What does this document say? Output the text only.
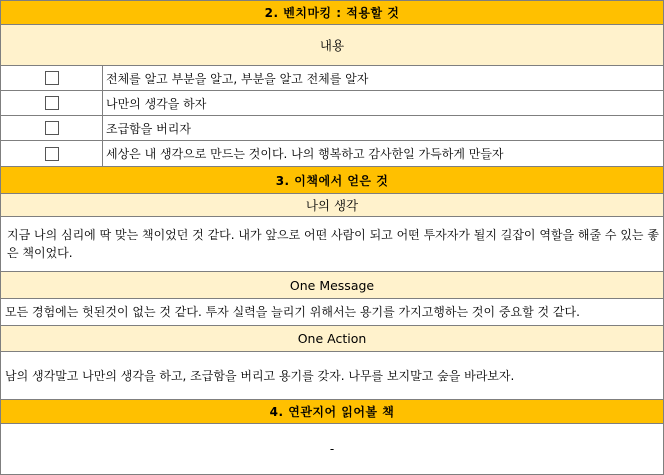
2. 벤치마킹 : 적용할 것
내용
전체를 알고 부분을 알고, 부분을 알고 전체를 알자
나만의 생각을 하자
조급함을 버리자
세상은 내 생각으로 만드는 것이다. 나의 행복하고 감사한일 가득하게 만들자
3. 이책에서 얻은 것
나의 생각
지금 나의 심리에 딱 맞는 책이었던 것 같다. 내가 앞으로 어떤 사람이 되고 어떤 투자자가 될지 길잡이 역할을 해줄 수 있는 좋은 책이었다.
One Message
모든 경험에는 헛된것이 없는 것 같다. 투자 실력을 늘리기 위해서는 용기를 가지고행하는 것이 중요할 것 같다.
One Action
남의 생각말고 나만의 생각을 하고, 조급함을 버리고 용기를 갖자. 나무를 보지말고 숲을 바라보자.
4. 연관지어 읽어볼 책
-
